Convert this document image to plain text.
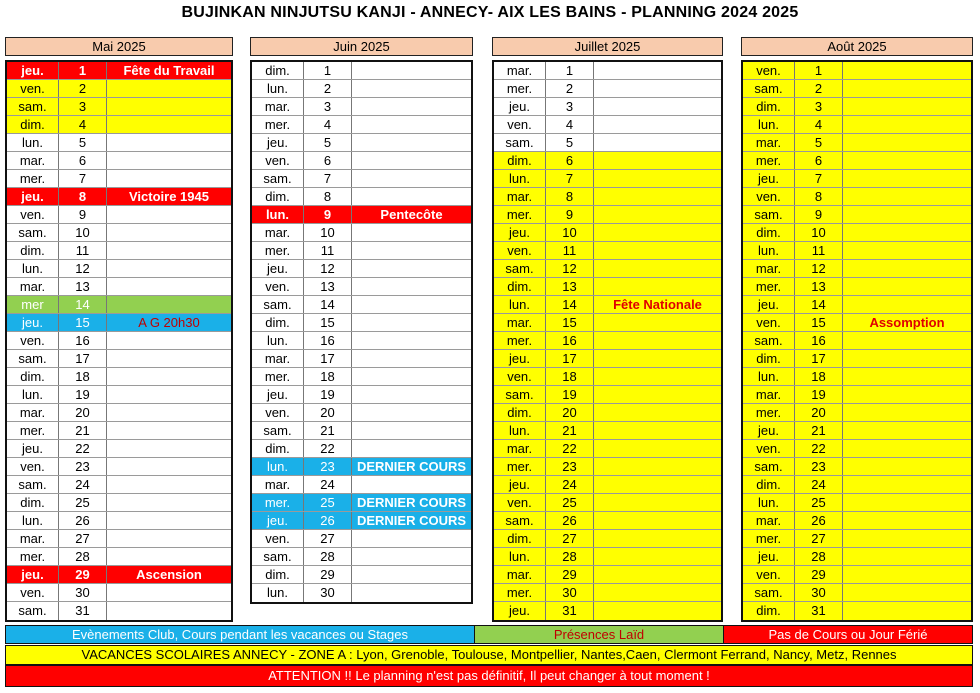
BUJINKAN NINJUTSU KANJI - ANNECY- AIX LES BAINS - PLANNING 2024 2025
Mai 2025
jeu.	1	Fête du Travail
ven.	2
sam.	3
dim.	4
lun.	5
mar.	6
mer.	7
jeu.	8	Victoire 1945
ven.	9
sam.	10
dim.	11
lun.	12
mar.	13
mer	14
jeu.	15	A G 20h30
ven.	16
sam.	17
dim.	18
lun.	19
mar.	20
mer.	21
jeu.	22
ven.	23
sam.	24
dim.	25
lun.	26
mar.	27
mer.	28
jeu.	29	Ascension
ven.	30
sam.	31
Juin 2025
dim.	1
lun.	2
mar.	3
mer.	4
jeu.	5
ven.	6
sam.	7
dim.	8
lun.	9	Pentecôte
mar.	10
mer.	11
jeu.	12
ven.	13
sam.	14
dim.	15
lun.	16
mar.	17
mer.	18
jeu.	19
ven.	20
sam.	21
dim.	22
lun.	23	DERNIER COURS
mar.	24
mer.	25	DERNIER COURS
jeu.	26	DERNIER COURS
ven.	27
sam.	28
dim.	29
lun.	30
Juillet 2025
mar.	1
mer.	2
jeu.	3
ven.	4
sam.	5
dim.	6
lun.	7
mar.	8
mer.	9
jeu.	10
ven.	11
sam.	12
dim.	13
lun.	14	Fête Nationale
mar.	15
mer.	16
jeu.	17
ven.	18
sam.	19
dim.	20
lun.	21
mar.	22
mer.	23
jeu.	24
ven.	25
sam.	26
dim.	27
lun.	28
mar.	29
mer.	30
jeu.	31
Août 2025
ven.	1
sam.	2
dim.	3
lun.	4
mar.	5
mer.	6
jeu.	7
ven.	8
sam.	9
dim.	10
lun.	11
mar.	12
mer.	13
jeu.	14
ven.	15	Assomption
sam.	16
dim.	17
lun.	18
mar.	19
mer.	20
jeu.	21
ven.	22
sam.	23
dim.	24
lun.	25
mar.	26
mer.	27
jeu.	28
ven.	29
sam.	30
dim.	31
Evènements Club, Cours pendant les vacances ou Stages	Présences Laïd	Pas de Cours ou Jour Férié
VACANCES SCOLAIRES ANNECY - ZONE A : Lyon, Grenoble, Toulouse, Montpellier, Nantes,Caen, Clermont Ferrand, Nancy, Metz, Rennes
ATTENTION !! Le planning n'est pas définitif, Il peut changer à tout moment !
